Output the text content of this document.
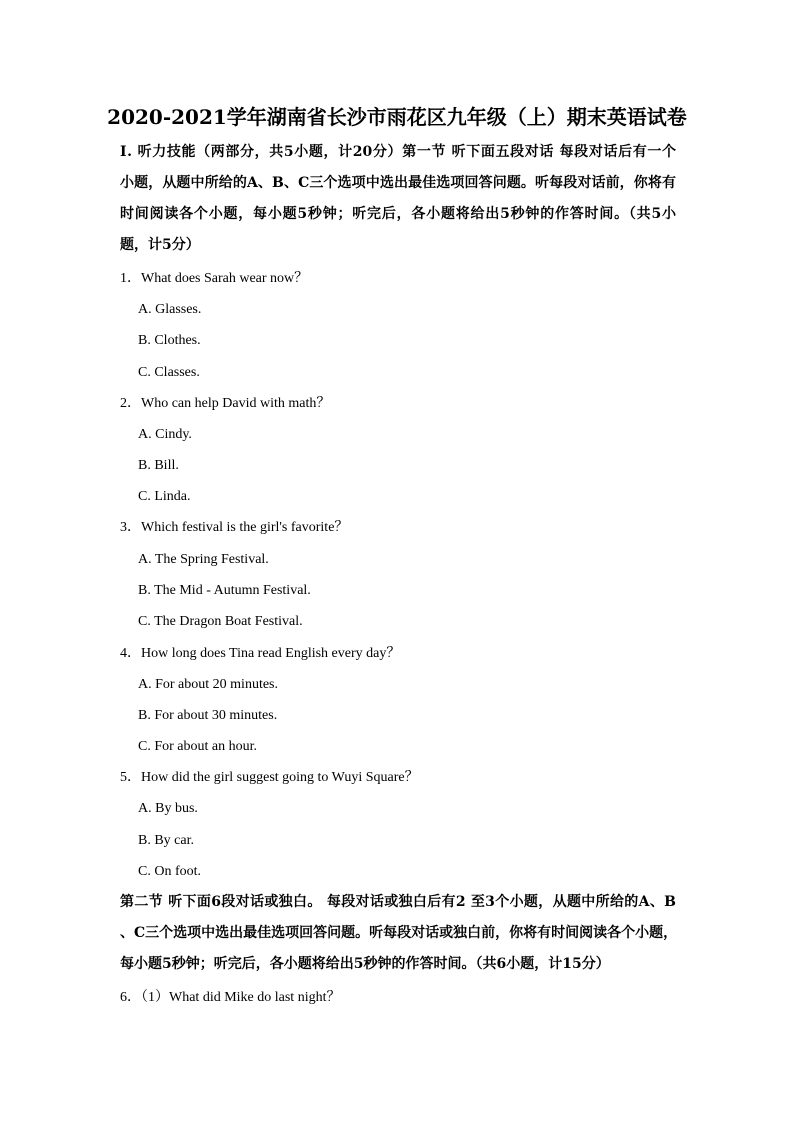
2020-2021学年湖南省长沙市雨花区九年级（上）期末英语试卷
Ⅰ. 听力技能（两部分，共5小题，计20分）第一节 听下面五段对话 每段对话后有一个
小题，从题中所给的A、B、C三个选项中选出最佳选项回答问题。听每段对话前，你将有
时间阅读各个小题，每小题5秒钟；听完后，各小题将给出5秒钟的作答时间。（共5小
题，计5分）
1．What does Sarah wear now？
A. Glasses.
B. Clothes.
C. Classes.
2．Who can help David with math？
A. Cindy.
B. Bill.
C. Linda.
3．Which festival is the girl's favorite？
A. The Spring Festival.
B. The Mid - Autumn Festival.
C. The Dragon Boat Festival.
4．How long does Tina read English every day？
A. For about 20 minutes.
B. For about 30 minutes.
C. For about an hour.
5．How did the girl suggest going to Wuyi Square？
A. By bus.
B. By car.
C. On foot.
第二节 听下面6段对话或独白。 每段对话或独白后有2 至3个小题，从题中所给的A、B
、C三个选项中选出最佳选项回答问题。听每段对话或独白前，你将有时间阅读各个小题，
每小题5秒钟；听完后，各小题将给出5秒钟的作答时间。（共6小题，计15分）
6．（1）What did Mike do last night？
